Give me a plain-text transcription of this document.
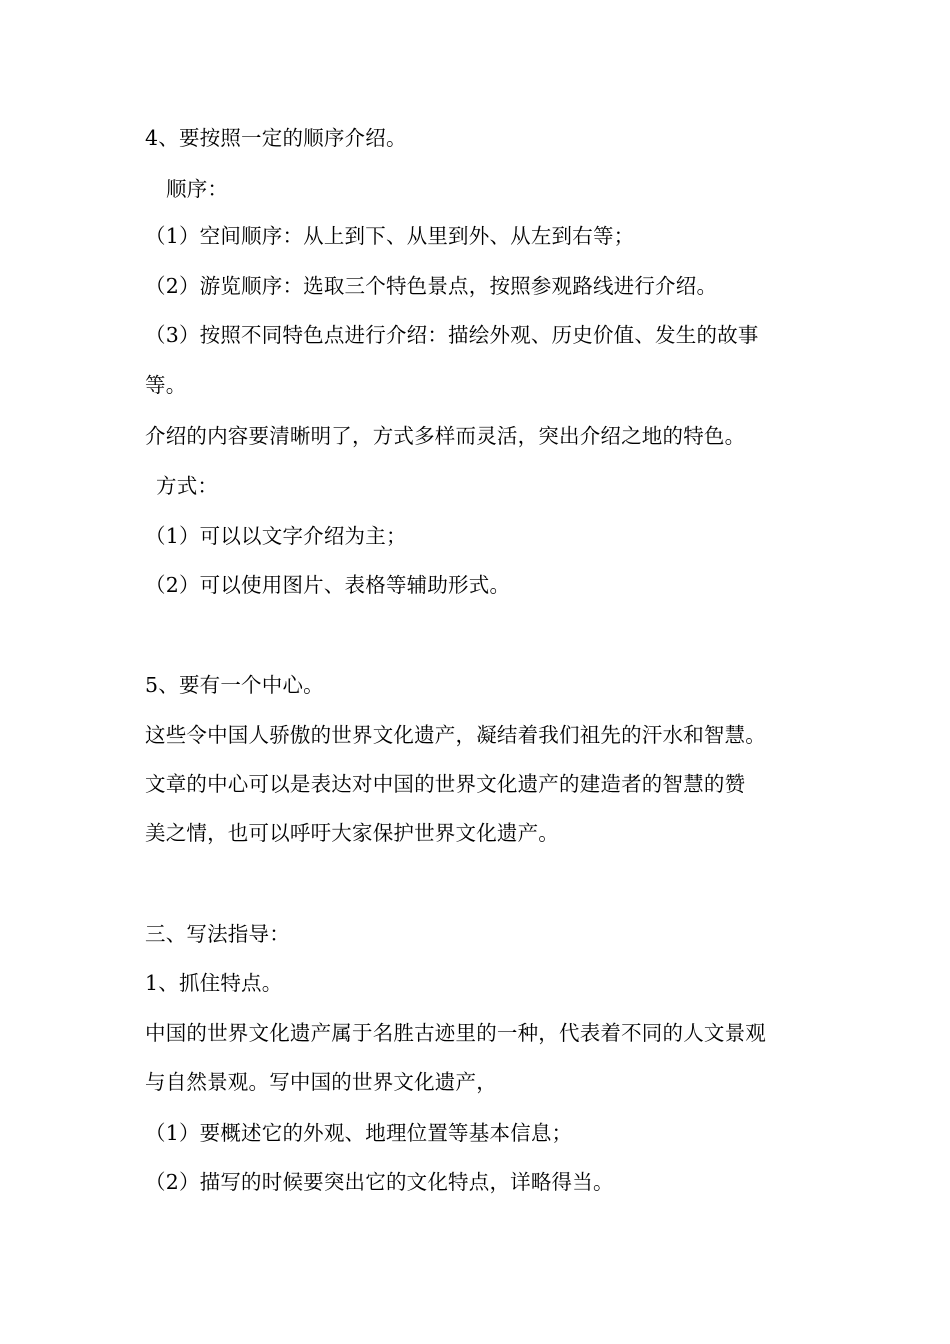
4、要按照一定的顺序介绍。
顺序：
（1）空间顺序：从上到下、从里到外、从左到右等；
（2）游览顺序：选取三个特色景点，按照参观路线进行介绍。
（3）按照不同特色点进行介绍：描绘外观、历史价值、发生的故事
等。
介绍的内容要清晰明了，方式多样而灵活，突出介绍之地的特色。
方式：
（1）可以以文字介绍为主；
（2）可以使用图片、表格等辅助形式。
5、要有一个中心。
这些令中国人骄傲的世界文化遗产，凝结着我们祖先的汗水和智慧。
文章的中心可以是表达对中国的世界文化遗产的建造者的智慧的赞
美之情，也可以呼吁大家保护世界文化遗产。
三、写法指导：
1、抓住特点。
中国的世界文化遗产属于名胜古迹里的一种，代表着不同的人文景观
与自然景观。写中国的世界文化遗产，
（1）要概述它的外观、地理位置等基本信息；
（2）描写的时候要突出它的文化特点，详略得当。
